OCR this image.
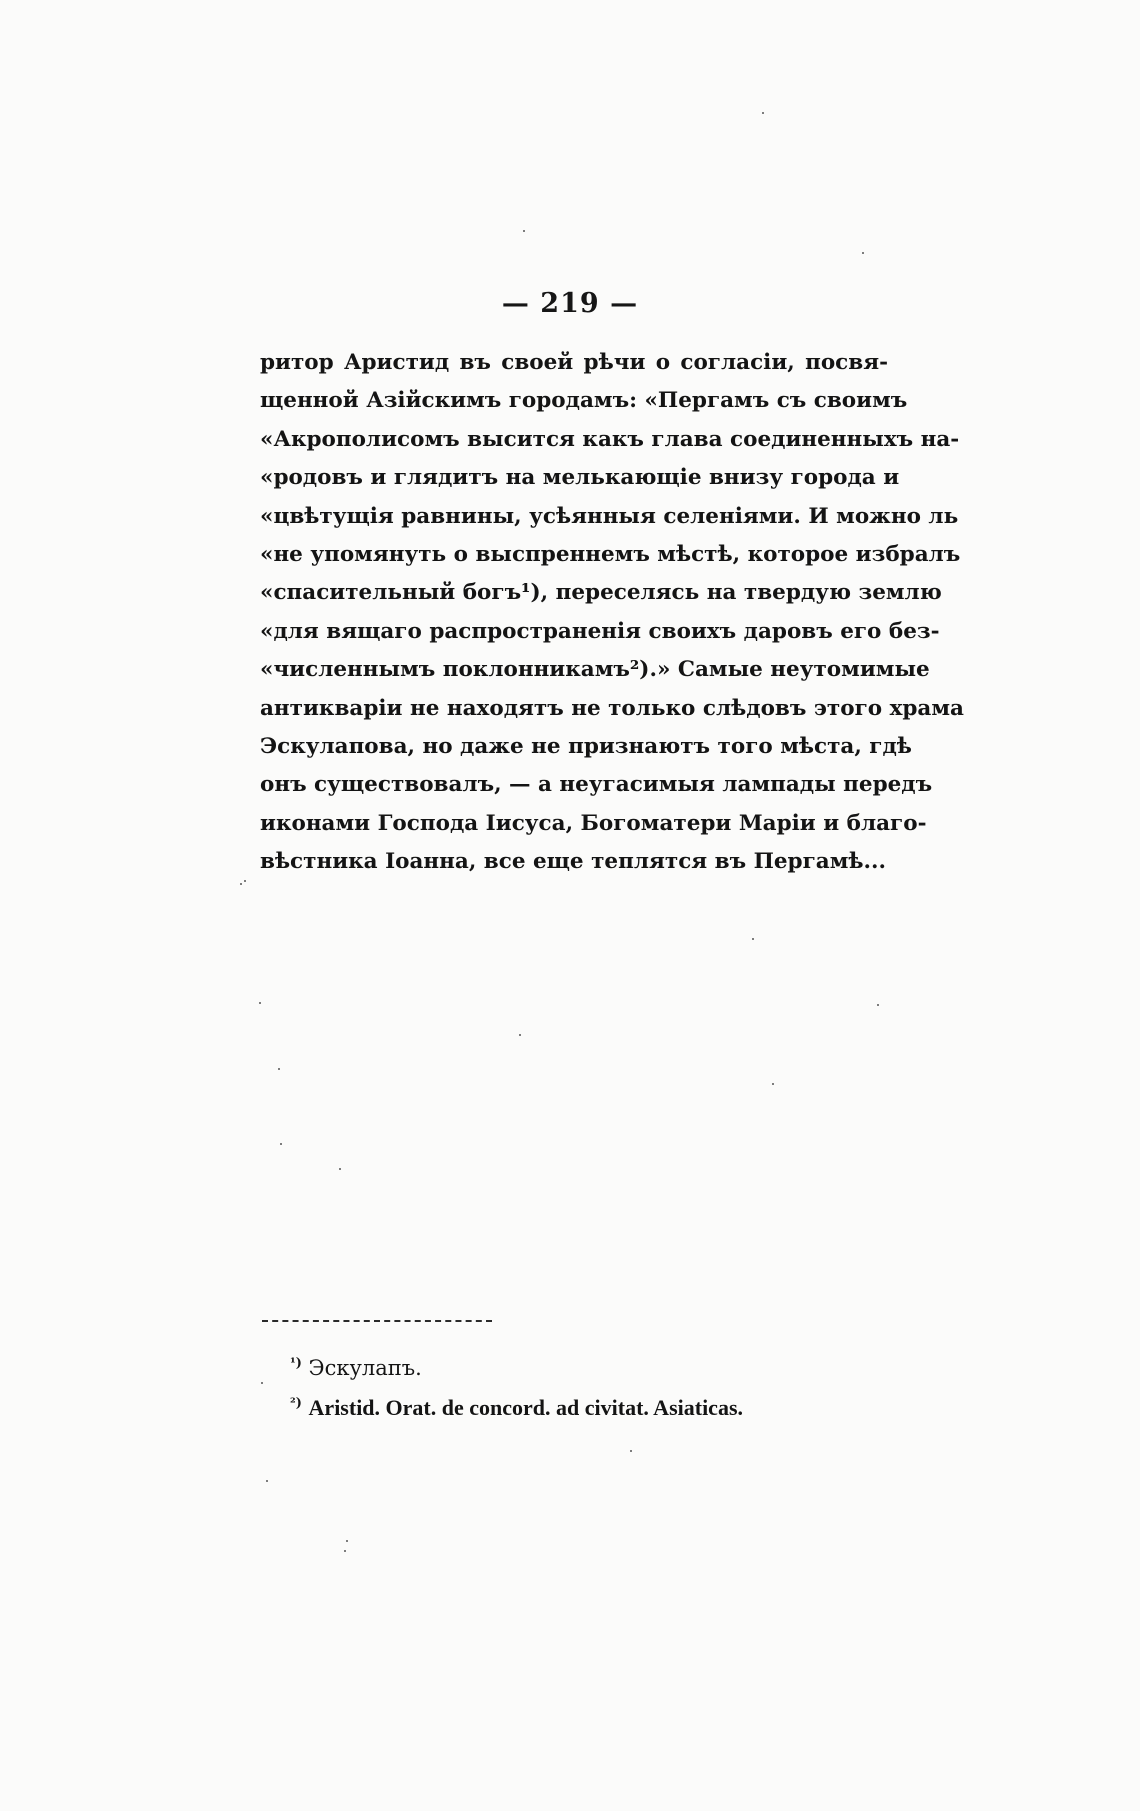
— 219 —
ритор Аристид въ своей рѣчи о согласіи, посвя-
щенной Азійскимъ городамъ: «Пергамъ съ своимъ
«Акрополисомъ высится какъ глава соединенныхъ на-
«родовъ и глядитъ на мелькающіе внизу города и
«цвѣтущія равнины, усѣянныя селеніями. И можно ль
«не упомянуть о выспреннемъ мѣстѣ, которое избралъ
«спасительный богъ¹), переселясь на твердую землю
«для вящаго распространенія своихъ даровъ его без-
«численнымъ поклонникамъ²).» Самые неутомимые
антикваріи не находятъ не только слѣдовъ этого храма
Эскулапова, но даже не признаютъ того мѣста, гдѣ
онъ существовалъ, — а неугасимыя лампады передъ
иконами Господа Іисуса, Богоматери Маріи и благо-
вѣстника Іоанна, все еще теплятся въ Пергамѣ...
$^{^1)}$ Эскулапъ.
$^{^2)}$ Aristid. Orat. de concord. ad civitat. Asiaticas.
